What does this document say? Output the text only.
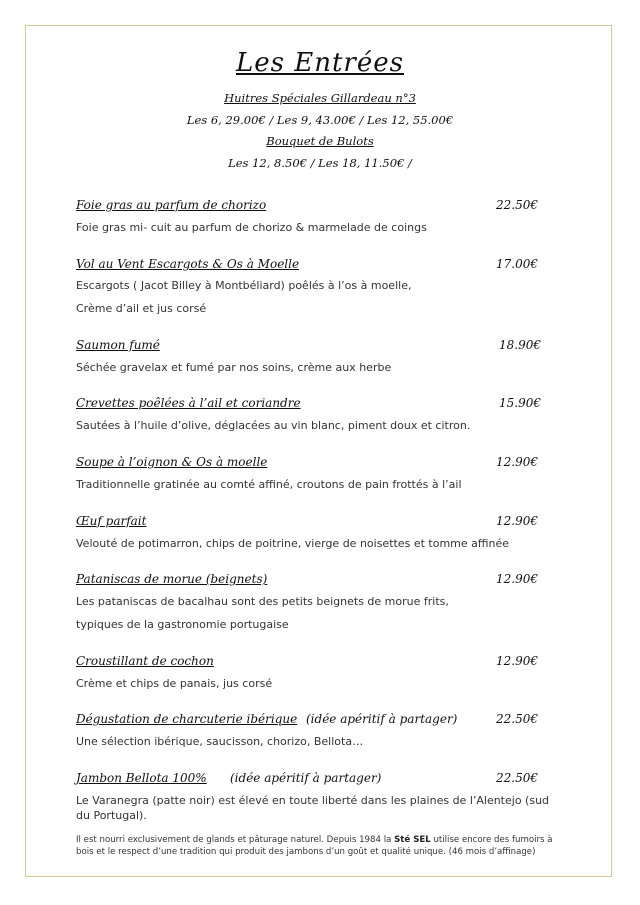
Les Entrées
Huitres Spéciales Gillardeau n°3
Les 6, 29.00€ / Les 9, 43.00€ / Les 12, 55.00€
Bouquet de Bulots
Les 12, 8.50€ / Les 18, 11.50€ /
Foie gras au parfum de chorizo	22.50€
Foie gras mi- cuit au parfum de chorizo & marmelade de coings
Vol au Vent Escargots & Os à Moelle	17.00€
Escargots ( Jacot Billey à Montbéliard) poêlés à l’os à moelle,
Crème d’ail et jus corsé
Saumon fumé	18.90€
Séchée gravelax et fumé par nos soins, crème aux herbe
Crevettes poêlées à l’ail et coriandre	15.90€
Sautées à l’huile d’olive, déglacées au vin blanc, piment doux et citron.
Soupe à l’oignon & Os à moelle	12.90€
Traditionnelle gratinée au comté affiné, croutons de pain frottés à l’ail
Œuf parfait	12.90€
Velouté de potimarron, chips de poitrine, vierge de noisettes et tomme affinée
Pataniscas de morue (beignets)	12.90€
Les pataniscas de bacalhau sont des petits beignets de morue frits,
typiques de la gastronomie portugaise
Croustillant de cochon	12.90€
Crème et chips de panais, jus corsé
Dégustation de charcuterie ibérique (idée apéritif à partager)	22.50€
Une sélection ibérique, saucisson, chorizo, Bellota…
Jambon Bellota 100% (idée apéritif à partager)	22.50€
Le Varanegra (patte noir) est élevé en toute liberté dans les plaines de l’Alentejo (sud du Portugal).
Il est nourri exclusivement de glands et pâturage naturel. Depuis 1984 la Sté SEL utilise encore des fumoirs à bois et le respect d’une tradition qui produit des jambons d’un goût et qualité unique. (46 mois d’affinage)
